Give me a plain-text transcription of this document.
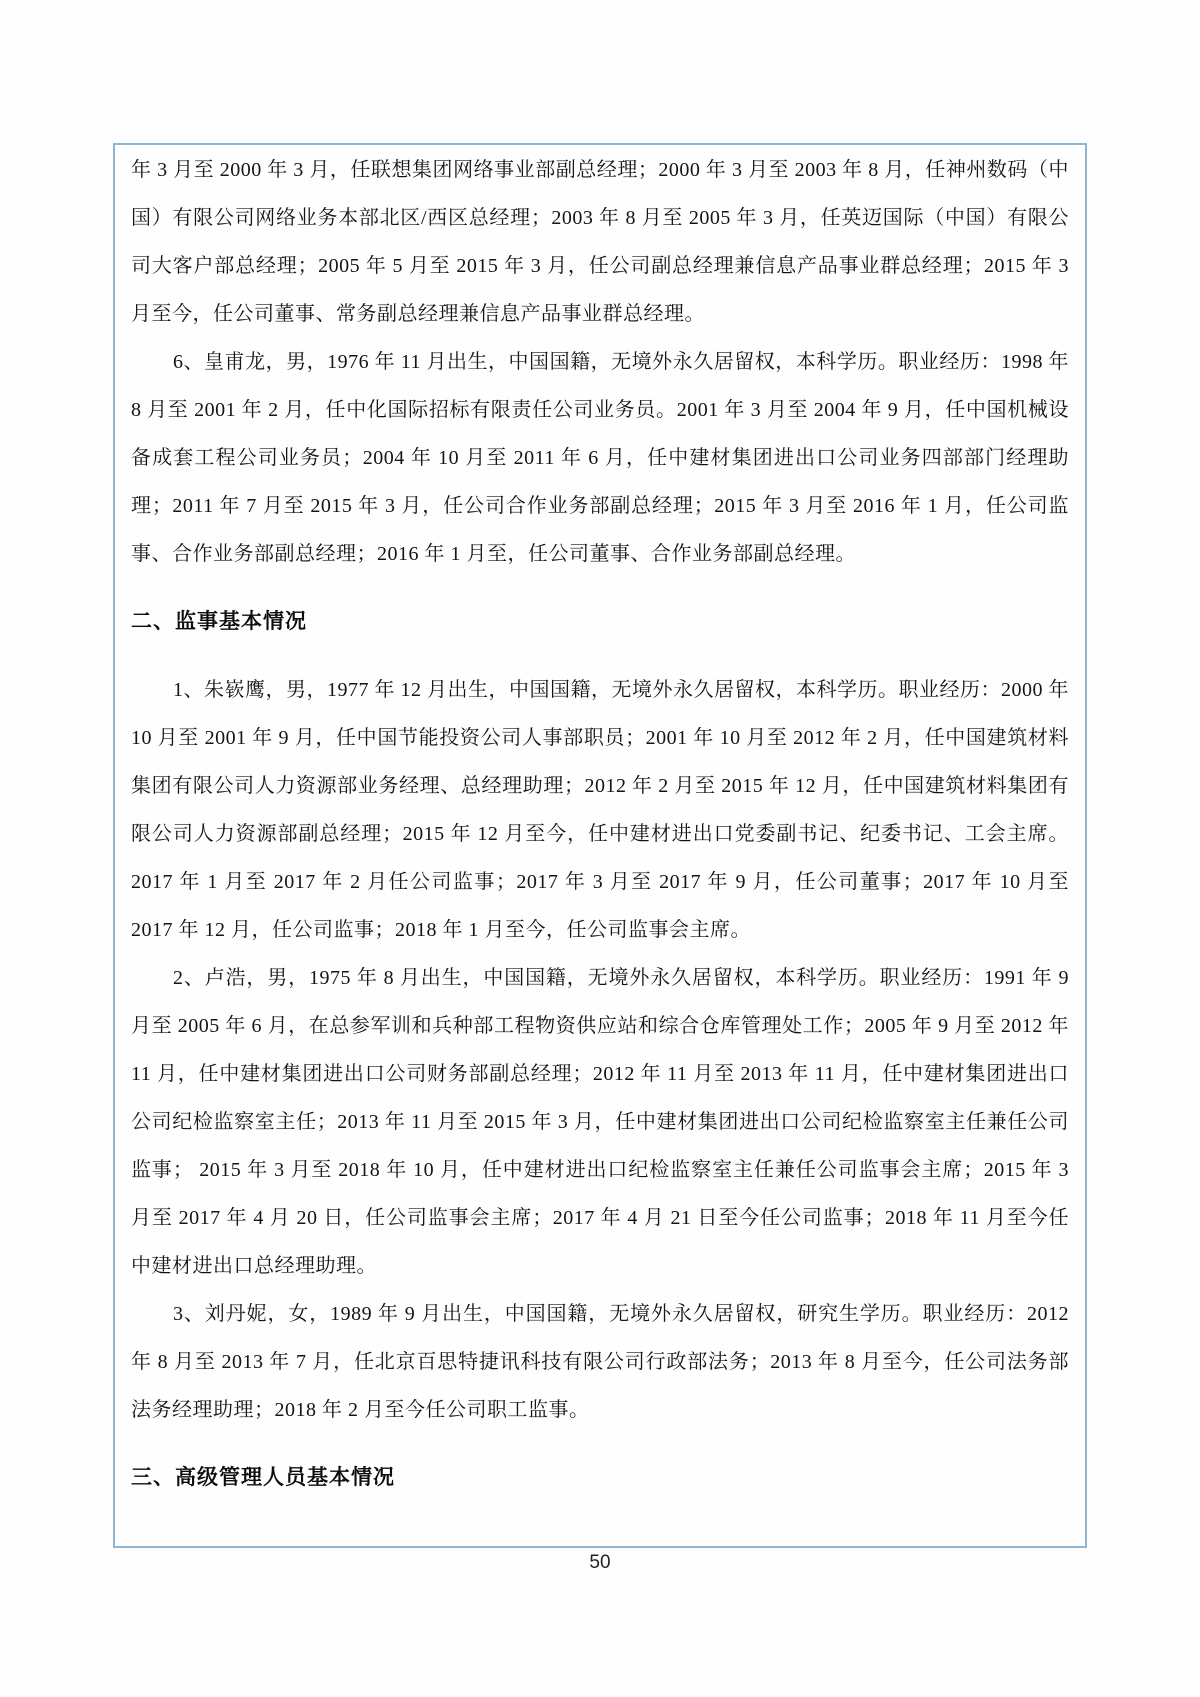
年 3 月至 2000 年 3 月，任联想集团网络事业部副总经理；2000 年 3 月至 2003 年 8 月，任神州数码（中国）有限公司网络业务本部北区/西区总经理；2003 年 8 月至 2005 年 3 月，任英迈国际（中国）有限公司大客户部总经理；2005 年 5 月至 2015 年 3 月，任公司副总经理兼信息产品事业群总经理；2015 年 3 月至今，任公司董事、常务副总经理兼信息产品事业群总经理。

6、皇甫龙，男，1976 年 11 月出生，中国国籍，无境外永久居留权，本科学历。职业经历：1998 年 8 月至 2001 年 2 月，任中化国际招标有限责任公司业务员。2001 年 3 月至 2004 年 9 月，任中国机械设备成套工程公司业务员；2004 年 10 月至 2011 年 6 月，任中建材集团进出口公司业务四部部门经理助理；2011 年 7 月至 2015 年 3 月，任公司合作业务部副总经理；2015 年 3 月至 2016 年 1 月，任公司监事、合作业务部副总经理；2016 年 1 月至，任公司董事、合作业务部副总经理。

二、监事基本情况

1、朱嵚鹰，男，1977 年 12 月出生，中国国籍，无境外永久居留权，本科学历。职业经历：2000 年 10 月至 2001 年 9 月，任中国节能投资公司人事部职员；2001 年 10 月至 2012 年 2 月，任中国建筑材料集团有限公司人力资源部业务经理、总经理助理；2012 年 2 月至 2015 年 12 月，任中国建筑材料集团有限公司人力资源部副总经理；2015 年 12 月至今，任中建材进出口党委副书记、纪委书记、工会主席。2017 年 1 月至 2017 年 2 月任公司监事；2017 年 3 月至 2017 年 9 月，任公司董事；2017 年 10 月至 2017 年 12 月，任公司监事；2018 年 1 月至今，任公司监事会主席。

2、卢浩，男，1975 年 8 月出生，中国国籍，无境外永久居留权，本科学历。职业经历：1991 年 9 月至 2005 年 6 月，在总参军训和兵种部工程物资供应站和综合仓库管理处工作；2005 年 9 月至 2012 年 11 月，任中建材集团进出口公司财务部副总经理；2012 年 11 月至 2013 年 11 月，任中建材集团进出口公司纪检监察室主任；2013 年 11 月至 2015 年 3 月，任中建材集团进出口公司纪检监察室主任兼任公司监事； 2015 年 3 月至 2018 年 10 月，任中建材进出口纪检监察室主任兼任公司监事会主席；2015 年 3 月至 2017 年 4 月 20 日，任公司监事会主席；2017 年 4 月 21 日至今任公司监事；2018 年 11 月至今任中建材进出口总经理助理。

3、刘丹妮，女，1989 年 9 月出生，中国国籍，无境外永久居留权，研究生学历。职业经历：2012 年 8 月至 2013 年 7 月，任北京百思特捷讯科技有限公司行政部法务；2013 年 8 月至今，任公司法务部法务经理助理；2018 年 2 月至今任公司职工监事。

三、高级管理人员基本情况

50
